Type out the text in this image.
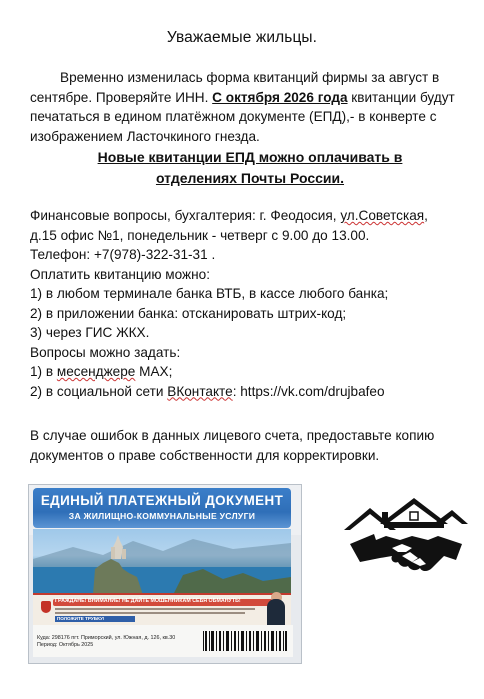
Уважаемые жильцы.
Временно изменилась форма квитанций фирмы за август в сентябре. Проверяйте ИНН. С октября 2026 года квитанции будут печататься в едином платёжном документе (ЕПД),- в конверте с изображением Ласточкиного гнезда.
Новые квитанции ЕПД можно оплачивать в
отделениях Почты России.
Финансовые вопросы, бухгалтерия: г. Феодосия, ул.Советская,
д.15 офис №1, понедельник - четверг с 9.00 до 13.00.
Телефон: +7(978)-322-31-31 .
Оплатить квитанцию можно:
1) в любом терминале банка ВТБ, в кассе любого банка;
2) в приложении банка: отсканировать штрих-код;
3) через ГИС ЖКХ.
Вопросы можно задать:
1) в месенджере МАХ;
2) в социальной сети ВКонтакте: https://vk.com/drujbafeo
В случае ошибок в данных лицевого счета, предоставьте копию документов о праве собственности для корректировки.
ЕДИНЫЙ ПЛАТЕЖНЫЙ ДОКУМЕНТ
ЗА ЖИЛИЩНО-КОММУНАЛЬНЫЕ УСЛУГИ
ГРАЖДАНЕ! ВНИМАНИЕ! НЕ ДАЙТЕ МОШЕННИКАМ СЕБЯ ОБМАНУТЬ!
ПОЛОЖИТЕ ТРУБКУ!
Куда: 298176 пгт. Приморский, ул. Южная, д. 126, кв.30
Период: Октябрь 2025
